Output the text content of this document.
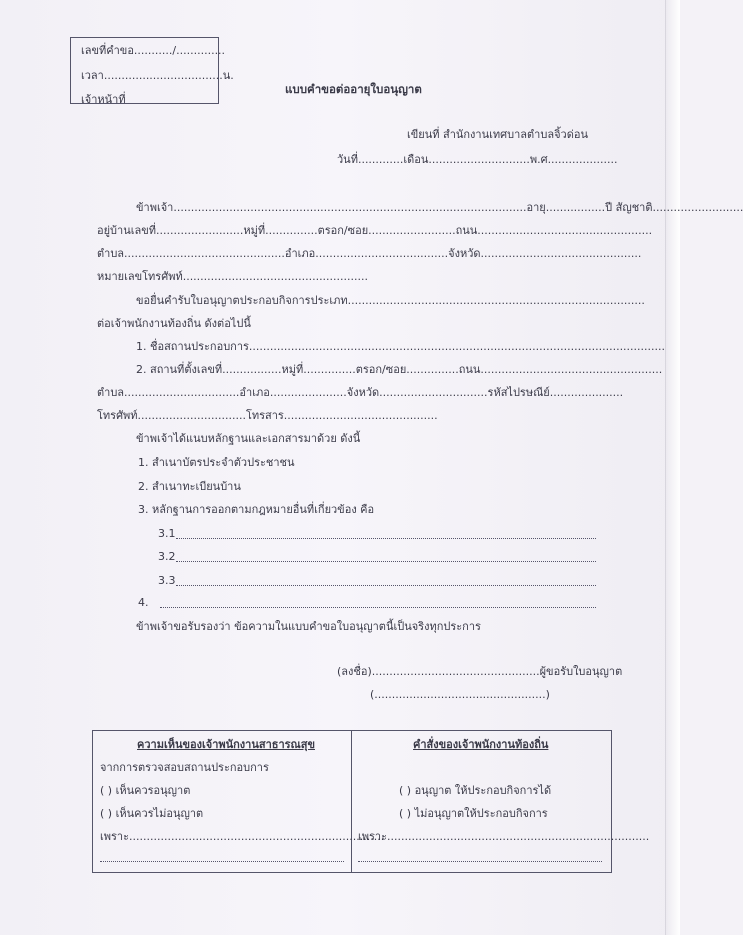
เลขที่คำขอ.........../..............
เวลา..................................น.
เจ้าหน้าที่
แบบคำขอต่ออายุใบอนุญาต
เขียนที่ สำนักงานเทศบาลตำบลจิ้วด่อน
วันที่.............เดือน.............................พ.ศ....................
ข้าพเจ้า.....................................................................................................อายุ.................ปี สัญชาติ..........................
อยู่บ้านเลขที่.........................หมู่ที่...............ตรอก/ซอย.........................ถนน..................................................
ตำบล..............................................อำเภอ......................................จังหวัด..............................................
หมายเลขโทรศัพท์.....................................................
ขอยื่นคำรับใบอนุญาตประกอบกิจการประเภท.....................................................................................
ต่อเจ้าพนักงานท้องถิ่น ดังต่อไปนี้
1. ชื่อสถานประกอบการ.......................................................................................................................
2. สถานที่ตั้งเลขที่.................หมู่ที่...............ตรอก/ซอย...............ถนน....................................................
ตำบล.................................อำเภอ......................จังหวัด...............................รหัสไปรษณีย์.....................
โทรศัพท์...............................โทรสาร............................................
ข้าพเจ้าได้แนบหลักฐานและเอกสารมาด้วย ดังนี้
1. สำเนาบัตรประจำตัวประชาชน
2. สำเนาทะเบียนบ้าน
3. หลักฐานการออกตามกฎหมายอื่นที่เกี่ยวข้อง คือ
3.1
3.2
3.3
4.
ข้าพเจ้าขอรับรองว่า ข้อความในแบบคำขอใบอนุญาตนี้เป็นจริงทุกประการ
(ลงชื่อ)................................................ผู้ขอรับใบอนุญาต
(.................................................)
ความเห็นของเจ้าพนักงานสาธารณสุข
จากการตรวจสอบสถานประกอบการ
( ) เห็นควรอนุญาต
( ) เห็นควรไม่อนุญาต
เพราะ.........................................................................
คำสั่งของเจ้าพนักงานท้องถิ่น
( ) อนุญาต ให้ประกอบกิจการได้
( ) ไม่อนุญาตให้ประกอบกิจการ
เพราะ...........................................................................
